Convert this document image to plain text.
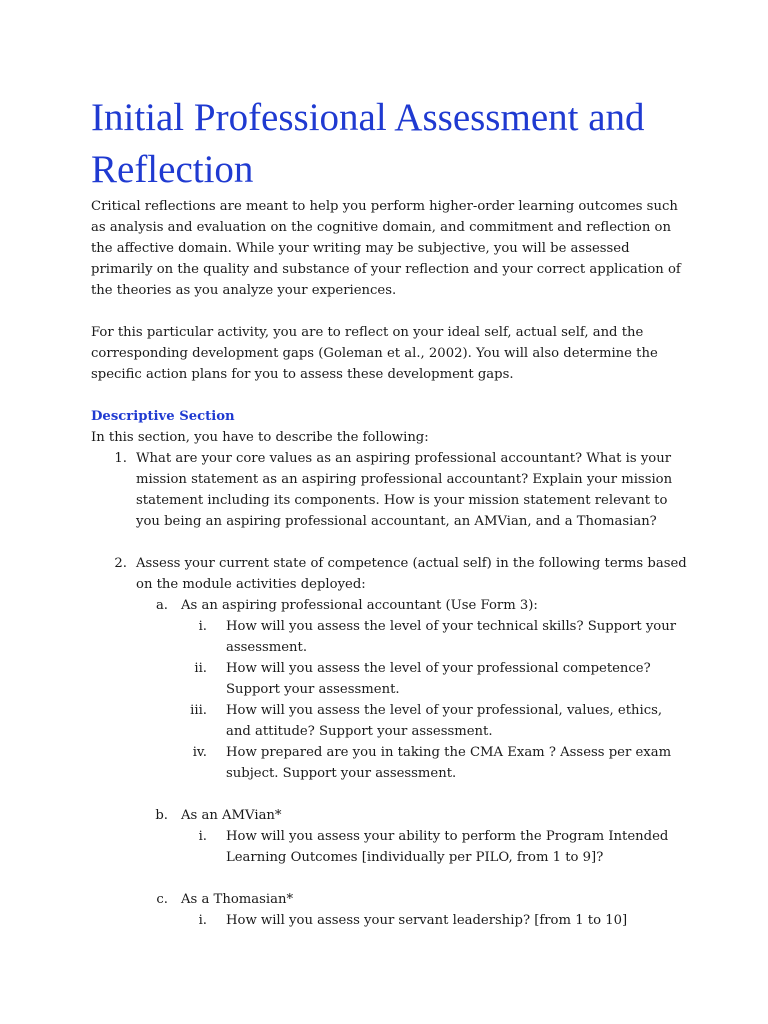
Initial Professional Assessment and Reflection

Critical reflections are meant to help you perform higher-order learning outcomes such as analysis and evaluation on the cognitive domain, and commitment and reflection on the affective domain. While your writing may be subjective, you will be assessed primarily on the quality and substance of your reflection and your correct application of the theories as you analyze your experiences.

For this particular activity, you are to reflect on your ideal self, actual self, and the corresponding development gaps (Goleman et al., 2002). You will also determine the specific action plans for you to assess these development gaps.

Descriptive Section

In this section, you have to describe the following:

1. What are your core values as an aspiring professional accountant? What is your mission statement as an aspiring professional accountant? Explain your mission statement including its components. How is your mission statement relevant to you being an aspiring professional accountant, an AMVian, and a Thomasian?

2. Assess your current state of competence (actual self) in the following terms based on the module activities deployed:

a. As an aspiring professional accountant (Use Form 3):

i. How will you assess the level of your technical skills? Support your assessment.

ii. How will you assess the level of your professional competence? Support your assessment.

iii. How will you assess the level of your professional, values, ethics, and attitude? Support your assessment.

iv. How prepared are you in taking the CMA Exam ? Assess per exam subject. Support your assessment.

b. As an AMVian*

i. How will you assess your ability to perform the Program Intended Learning Outcomes [individually per PILO, from 1 to 9]?

c. As a Thomasian*

i. How will you assess your servant leadership? [from 1 to 10]
